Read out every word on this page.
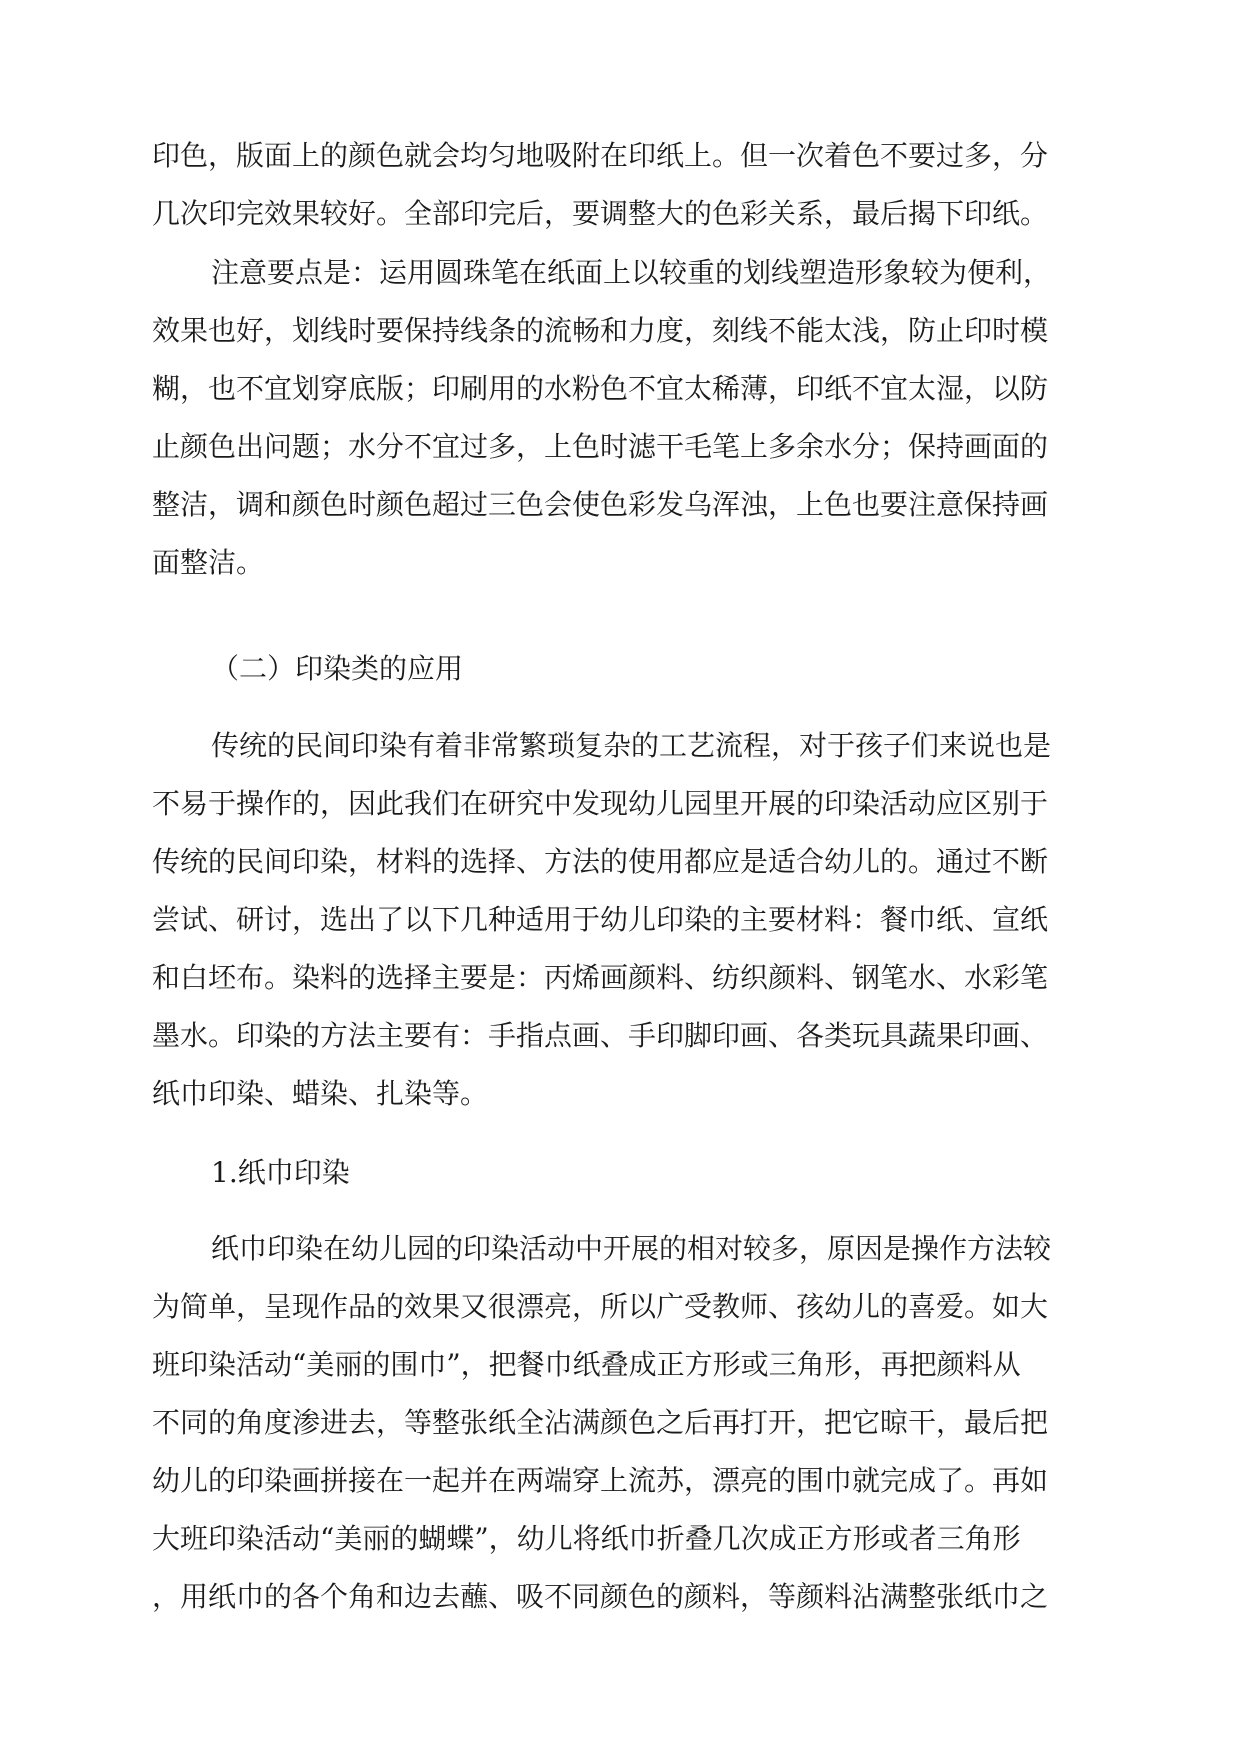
印色，版面上的颜色就会均匀地吸附在印纸上。但一次着色不要过多，分
几次印完效果较好。全部印完后，要调整大的色彩关系，最后揭下印纸。
注意要点是：运用圆珠笔在纸面上以较重的划线塑造形象较为便利，
效果也好，划线时要保持线条的流畅和力度，刻线不能太浅，防止印时模
糊，也不宜划穿底版；印刷用的水粉色不宜太稀薄，印纸不宜太湿，以防
止颜色出问题；水分不宜过多，上色时滤干毛笔上多余水分；保持画面的
整洁，调和颜色时颜色超过三色会使色彩发乌浑浊，上色也要注意保持画
面整洁。
（二）印染类的应用
传统的民间印染有着非常繁琐复杂的工艺流程，对于孩子们来说也是
不易于操作的，因此我们在研究中发现幼儿园里开展的印染活动应区别于
传统的民间印染，材料的选择、方法的使用都应是适合幼儿的。通过不断
尝试、研讨，选出了以下几种适用于幼儿印染的主要材料：餐巾纸、宣纸
和白坯布。染料的选择主要是：丙烯画颜料、纺织颜料、钢笔水、水彩笔
墨水。印染的方法主要有：手指点画、手印脚印画、各类玩具蔬果印画、
纸巾印染、蜡染、扎染等。
1.纸巾印染
纸巾印染在幼儿园的印染活动中开展的相对较多，原因是操作方法较
为简单，呈现作品的效果又很漂亮，所以广受教师、孩幼儿的喜爱。如大
班印染活动“美丽的围巾”，把餐巾纸叠成正方形或三角形，再把颜料从
不同的角度渗进去，等整张纸全沾满颜色之后再打开，把它晾干，最后把
幼儿的印染画拼接在一起并在两端穿上流苏，漂亮的围巾就完成了。再如
大班印染活动“美丽的蝴蝶”，幼儿将纸巾折叠几次成正方形或者三角形
，用纸巾的各个角和边去蘸、吸不同颜色的颜料，等颜料沾满整张纸巾之
